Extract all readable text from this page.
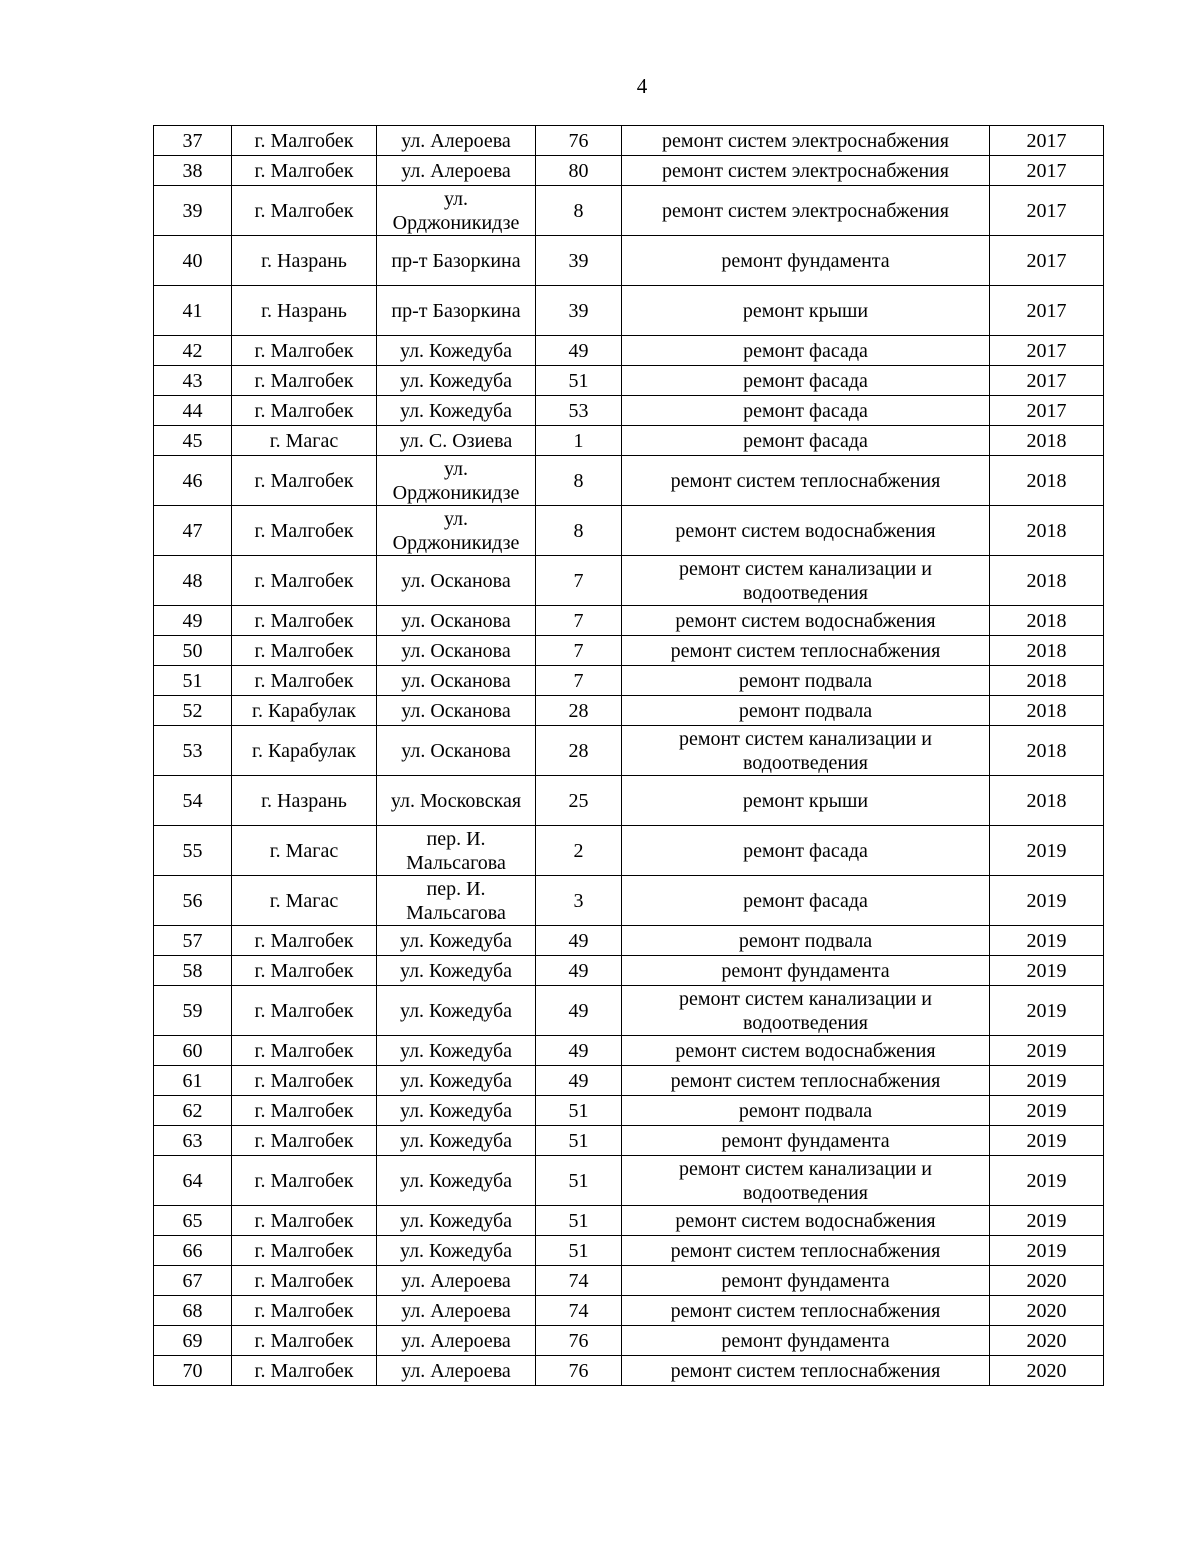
4
37	г. Малгобек	ул. Алероева	76	ремонт систем электроснабжения	2017
38	г. Малгобек	ул. Алероева	80	ремонт систем электроснабжения	2017
39	г. Малгобек	ул. Орджоникидзе	8	ремонт систем электроснабжения	2017
40	г. Назрань	пр-т Базоркина	39	ремонт фундамента	2017
41	г. Назрань	пр-т Базоркина	39	ремонт крыши	2017
42	г. Малгобек	ул. Кожедуба	49	ремонт фасада	2017
43	г. Малгобек	ул. Кожедуба	51	ремонт фасада	2017
44	г. Малгобек	ул. Кожедуба	53	ремонт фасада	2017
45	г. Магас	ул. С. Озиева	1	ремонт фасада	2018
46	г. Малгобек	ул. Орджоникидзе	8	ремонт систем теплоснабжения	2018
47	г. Малгобек	ул. Орджоникидзе	8	ремонт систем водоснабжения	2018
48	г. Малгобек	ул. Осканова	7	ремонт систем канализации и водоотведения	2018
49	г. Малгобек	ул. Осканова	7	ремонт систем водоснабжения	2018
50	г. Малгобек	ул. Осканова	7	ремонт систем теплоснабжения	2018
51	г. Малгобек	ул. Осканова	7	ремонт подвала	2018
52	г. Карабулак	ул. Осканова	28	ремонт подвала	2018
53	г. Карабулак	ул. Осканова	28	ремонт систем канализации и водоотведения	2018
54	г. Назрань	ул. Московская	25	ремонт крыши	2018
55	г. Магас	пер. И. Мальсагова	2	ремонт фасада	2019
56	г. Магас	пер. И. Мальсагова	3	ремонт фасада	2019
57	г. Малгобек	ул. Кожедуба	49	ремонт подвала	2019
58	г. Малгобек	ул. Кожедуба	49	ремонт фундамента	2019
59	г. Малгобек	ул. Кожедуба	49	ремонт систем канализации и водоотведения	2019
60	г. Малгобек	ул. Кожедуба	49	ремонт систем водоснабжения	2019
61	г. Малгобек	ул. Кожедуба	49	ремонт систем теплоснабжения	2019
62	г. Малгобек	ул. Кожедуба	51	ремонт подвала	2019
63	г. Малгобек	ул. Кожедуба	51	ремонт фундамента	2019
64	г. Малгобек	ул. Кожедуба	51	ремонт систем канализации и водоотведения	2019
65	г. Малгобек	ул. Кожедуба	51	ремонт систем водоснабжения	2019
66	г. Малгобек	ул. Кожедуба	51	ремонт систем теплоснабжения	2019
67	г. Малгобек	ул. Алероева	74	ремонт фундамента	2020
68	г. Малгобек	ул. Алероева	74	ремонт систем теплоснабжения	2020
69	г. Малгобек	ул. Алероева	76	ремонт фундамента	2020
70	г. Малгобек	ул. Алероева	76	ремонт систем теплоснабжения	2020
